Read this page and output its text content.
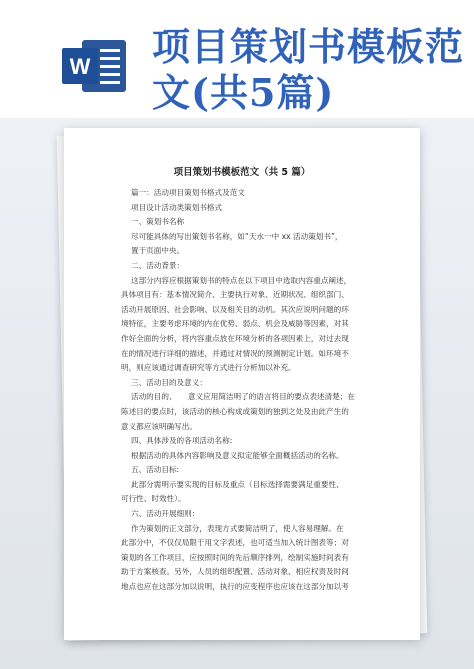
W 项目策划书模板范文(共5篇)
项目策划书模板范文（共 5 篇）

篇一：活动项目策划书格式及范文

项目设计活动类策划书格式

一、策划书名称

尽可能具体的写出策划书名称，如“天水一中 xx 活动策划书”，

置于页面中央。

二、活动背景：

这部分内容应根据策划书的特点在以下项目中选取内容重点阐述，

具体项目有：基本情况简介、主要执行对象、近期状况、组织部门、

活动开展原因、社会影响、以及相关目的动机。其次应说明问题的环

境特征，主要考虑环境的内在优势、弱点、机会及威胁等因素，对其

作好全面的分析，将内容重点放在环境分析的各项因素上，对过去现

在的情况进行详细的描述，并通过对情况的预测制定计划。如环境不

明，则应该通过调查研究等方式进行分析加以补充。

三、活动目的及意义：

活动的目的、　　意义应用简洁明了的语言将目的要点表述清楚；在

陈述目的要点时，该活动的核心构成或策划的独到之处及由此产生的

意义都应该明确写出。

四、具体涉及的各项活动名称:

根据活动的具体内容影响及意义拟定能够全面概括活动的名称。

五、活动目标:

此部分需明示要实现的目标及重点（目标选择需要满足重要性、

可行性、时效性）。

六、活动开展细则：

作为策划的正文部分，表现方式要简洁明了，使人容易理解。在

此部分中，不仅仅局限于用文字表述，也可适当加入统计图表等；对

策划的各工作项目，应按照时间的先后顺序排列，绘制实施时间表有

助于方案核查。另外，人员的组织配置、活动对象、相应权责及时间

地点也应在这部分加以说明，执行的应变程序也应该在这部分加以考
